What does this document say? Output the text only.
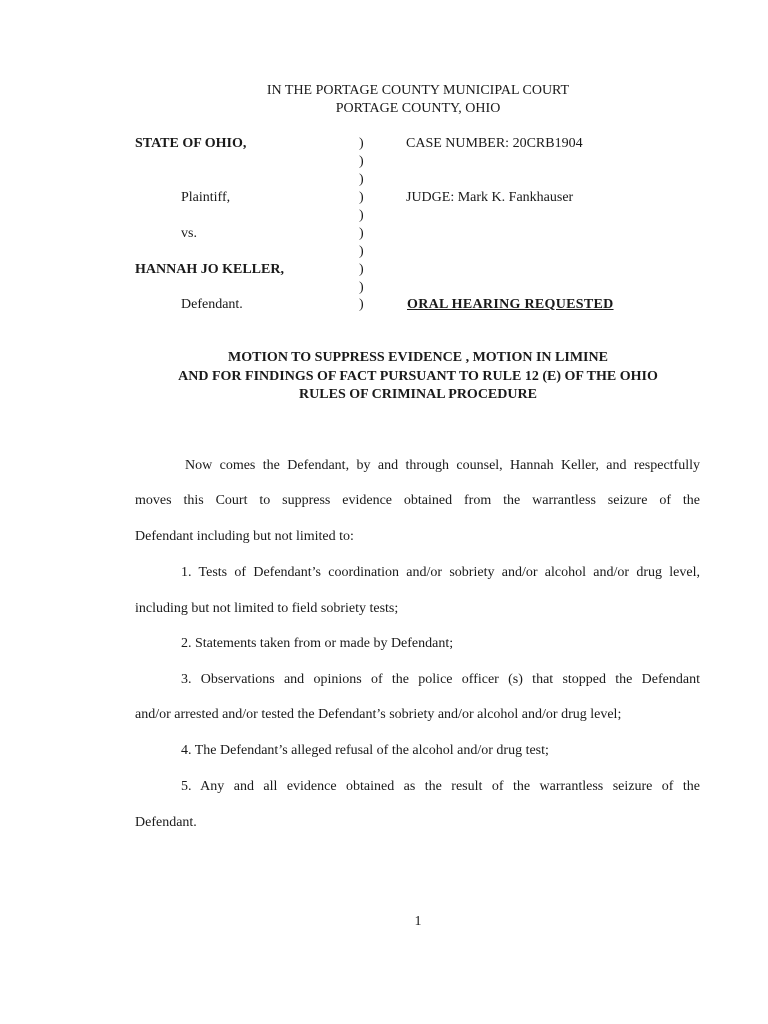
IN THE PORTAGE COUNTY MUNICIPAL COURT
PORTAGE COUNTY, OHIO
STATE OF OHIO,
Plaintiff,
vs.
HANNAH JO KELLER,
Defendant.
)
)
)
)
)
)
)
)
)
)
CASE NUMBER: 20CRB1904
JUDGE: Mark K. Fankhauser
ORAL HEARING REQUESTED
MOTION TO SUPPRESS EVIDENCE , MOTION IN LIMINE
AND FOR FINDINGS OF FACT PURSUANT TO RULE 12 (E) OF THE OHIO
RULES OF CRIMINAL PROCEDURE
Now comes the Defendant, by and through counsel, Hannah Keller, and respectfully
moves this Court to suppress evidence obtained from the warrantless seizure of the
Defendant including but not limited to:
1. Tests of Defendant’s coordination and/or sobriety and/or alcohol and/or drug level,
including but not limited to field sobriety tests;
2. Statements taken from or made by Defendant;
3. Observations and opinions of the police officer (s) that stopped the Defendant
and/or arrested and/or tested the Defendant’s sobriety and/or alcohol and/or drug level;
4. The Defendant’s alleged refusal of the alcohol and/or drug test;
5. Any and all evidence obtained as the result of the warrantless seizure of the
Defendant.
1
